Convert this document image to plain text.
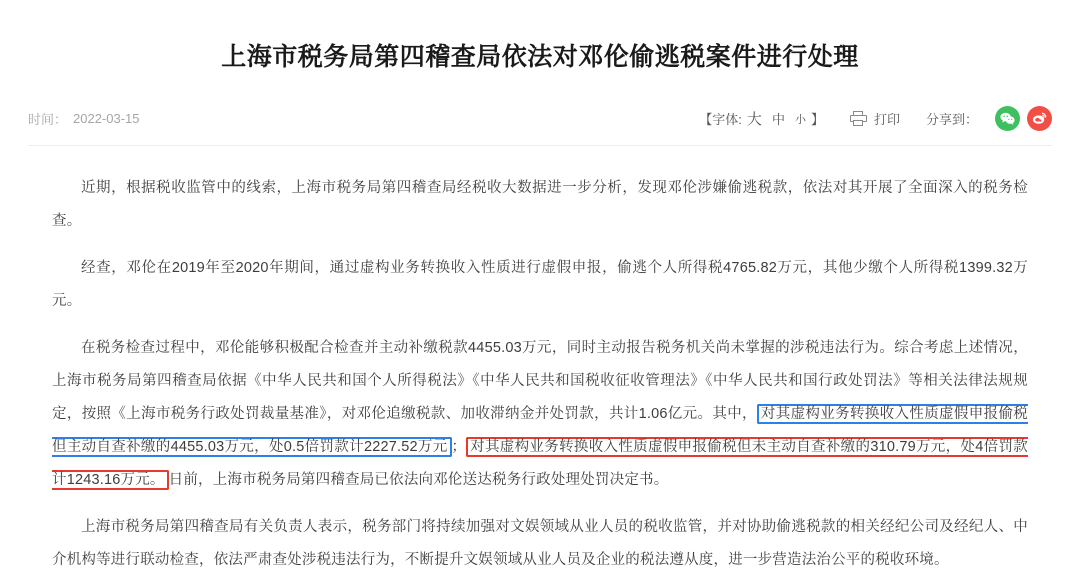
上海市税务局第四稽查局依法对邓伦偷逃税案件进行处理
时间： 2022-03-15	【 字体: 大 中 小 】	打印 分享到：

近期，根据税收监管中的线索，上海市税务局第四稽查局经税收大数据进一步分析，发现邓伦涉嫌偷逃税款，依法对其开展了全面深入的税务检查。

经查，邓伦在2019年至2020年期间，通过虚构业务转换收入性质进行虚假申报，偷逃个人所得税4765.82万元，其他少缴个人所得税1399.32万元。

在税务检查过程中，邓伦能够积极配合检查并主动补缴税款4455.03万元，同时主动报告税务机关尚未掌握的涉税违法行为。综合考虑上述情况，上海市税务局第四稽查局依据《中华人民共和国个人所得税法》《中华人民共和国税收征收管理法》《中华人民共和国行政处罚法》等相关法律法规规定，按照《上海市税务行政处罚裁量基准》，对邓伦追缴税款、加收滞纳金并处罚款，共计1.06亿元。其中， 对其虚构业务转换收入性质虚假申报偷税但主动自查补缴的4455.03万元，处0.5倍罚款计2227.52万元 ； 对其虚构业务转换收入性质虚假申报偷税但未主动自查补缴的310.79万元，处4倍罚款计1243.16万元。 日前，上海市税务局第四稽查局已依法向邓伦送达税务行政处理处罚决定书。

上海市税务局第四稽查局有关负责人表示，税务部门将持续加强对文娱领域从业人员的税收监管，并对协助偷逃税款的相关经纪公司及经纪人、中介机构等进行联动检查，依法严肃查处涉税违法行为，不断提升文娱领域从业人员及企业的税法遵从度，进一步营造法治公平的税收环境。
